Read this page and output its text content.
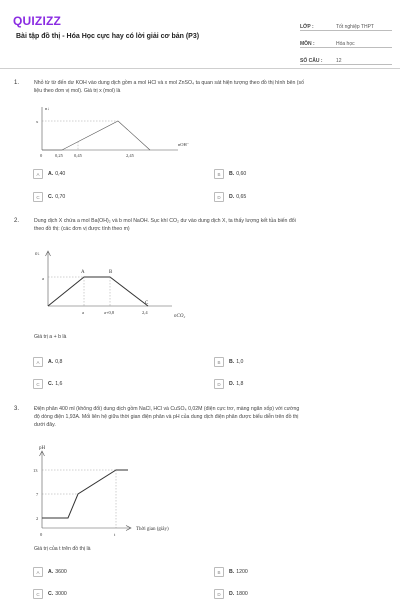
QUIZIZZ
Bài tập đồ thị - Hóa Học cực hay có lời giải cơ bản (P3)
LỚP :	Tốt nghiệp THPT
MÔN :	Hóa học
SỐ CÂU :	12
1.	Nhỏ từ từ đến dư KOH vào dung dịch gồm a mol HCl và x mol ZnSO₄ ta quan sát hiện tượng theo đồ thị hình bên (số
liệu theo đơn vị mol). Giá trị x (mol) là
n↓
x
nOH⁻
0	0,25 0,45	2,45
A	A. 0,40	B	B. 0,60
C	C. 0,70	D	D. 0,65
2.	Dung dịch X chứa a mol Ba(OH)₂ và b mol NaOH. Sục khí CO₂ dư vào dung dịch X, ta thấy lượng kết tủa biến đổi
theo đồ thị: (các đơn vị được tính theo m)
n↓
a
A	B
C
a	a+0,8	2,4
nCO₂
Giá trị a + b là
A	A. 0,8	B	B. 1,0
C	C. 1,6	D	D. 1,8
3.	Điện phân 400 ml (không đổi) dung dịch gồm NaCl, HCl và CuSO₄ 0,02M (điện cực trơ, màng ngăn xốp) với cường
độ dòng điện 1,93A. Mối liên hệ giữa thời gian điện phân và pH của dung dịch điện phân được biểu diễn trên đồ thị
dưới đây.
pH
13
7
2
0	t
Thời gian (giây)
Giá trị của t trên đồ thị là
A	A. 3600	B	B. 1200
C	C. 3000	D	D. 1800
